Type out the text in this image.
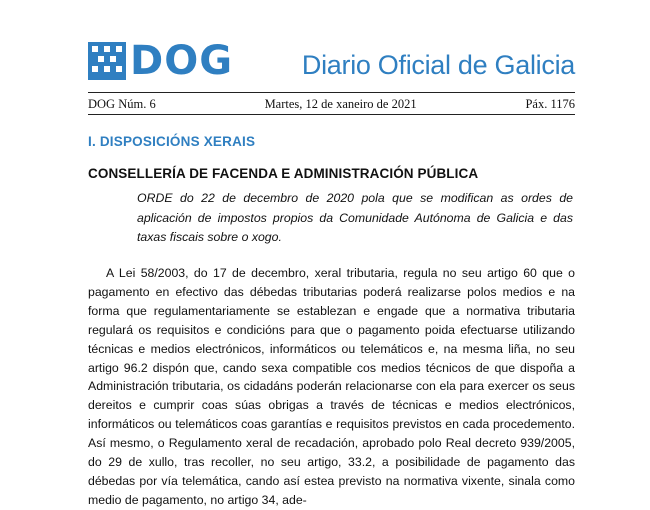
DOG	Diario Oficial de Galicia
DOG Núm. 6	Martes, 12 de xaneiro de 2021	Páx. 1176
I. DISPOSICIÓNS XERAIS
CONSELLERÍA DE FACENDA E ADMINISTRACIÓN PÚBLICA
ORDE do 22 de decembro de 2020 pola que se modifican as ordes de aplicación de impostos propios da Comunidade Autónoma de Galicia e das taxas fiscais sobre o xogo.

A Lei 58/2003, do 17 de decembro, xeral tributaria, regula no seu artigo 60 que o pagamento en efectivo das débedas tributarias poderá realizarse polos medios e na forma que regulamentariamente se establezan e engade que a normativa tributaria regulará os requisitos e condicións para que o pagamento poida efectuarse utilizando técnicas e medios electrónicos, informáticos ou telemáticos e, na mesma liña, no seu artigo 96.2 dispón que, cando sexa compatible cos medios técnicos de que dispoña a Administración tributaria, os cidadáns poderán relacionarse con ela para exercer os seus dereitos e cumprir coas súas obrigas a través de técnicas e medios electrónicos, informáticos ou telemáticos coas garantías e requisitos previstos en cada procedemento. Así mesmo, o Regulamento xeral de recadación, aprobado polo Real decreto 939/2005, do 29 de xullo, tras recoller, no seu artigo, 33.2, a posibilidade de pagamento das débedas por vía telemática, cando así estea previsto na normativa vixente, sinala como medio de pagamento, no artigo 34, ade-
